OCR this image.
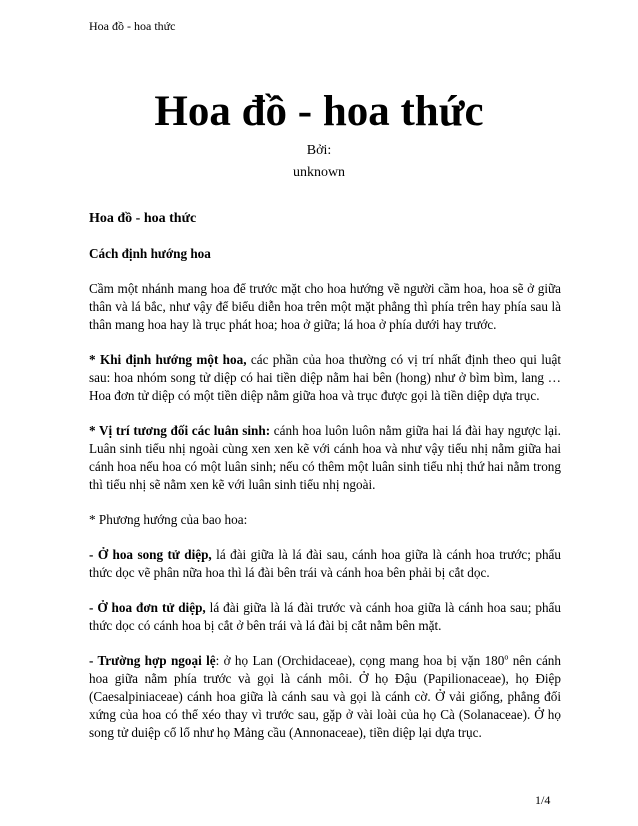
Hoa đồ - hoa thức
Hoa đồ - hoa thức
Bởi:
unknown

Hoa đồ - hoa thức

Cách định hướng hoa

Cầm một nhánh mang hoa để trước mặt cho hoa hướng về người cầm hoa, hoa sẽ ở giữa thân và lá bắc, như vậy để biểu diễn hoa trên một mặt phẳng thì phía trên hay phía sau là thân mang hoa hay là trục phát hoa; hoa ở giữa; lá hoa ở phía dưới hay trước.

* Khi định hướng một hoa, các phần của hoa thường có vị trí nhất định theo qui luật sau: hoa nhóm song tử diệp có hai tiền diệp nằm hai bên (hong) như ở bìm bìm, lang … Hoa đơn tử diệp có một tiền diệp nằm giữa hoa và trục được gọi là tiền diệp dựa trục.

* Vị trí tương đối các luân sinh: cánh hoa luôn luôn nằm giữa hai lá đài hay ngược lại. Luân sinh tiểu nhị ngoài cùng xen xen kẽ với cánh hoa và như vậy tiểu nhị nằm giữa hai cánh hoa nếu hoa có một luân sinh; nếu có thêm một luân sinh tiểu nhị thứ hai nằm trong thì tiểu nhị sẽ nằm xen kẽ với luân sinh tiểu nhị ngoài.

* Phương hướng của bao hoa:

- Ở hoa song tử diệp, lá đài giữa là lá đài sau, cánh hoa giữa là cánh hoa trước; phẩu thức dọc vẽ phân nữa hoa thì lá đài bên trái và cánh hoa bên phải bị cắt dọc.

- Ở hoa đơn tử diệp, lá đài giữa là lá đài trước và cánh hoa giữa là cánh hoa sau; phẩu thức dọc có cánh hoa bị cắt ở bên trái và lá đài bị cắt nằm bên mặt.

- Trường hợp ngoại lệ: ở họ Lan (Orchidaceae), cọng mang hoa bị vặn 180$^o$ nên cánh hoa giữa nằm phía trước và gọi là cánh môi. Ở họ Đậu (Papilionaceae), họ Điệp (Caesalpiniaceae) cánh hoa giữa là cánh sau và gọi là cánh cờ. Ở vải giống, phẳng đối xứng của hoa có thể xéo thay vì trước sau, gặp ở vài loài của họ Cà (Solanaceae). Ở họ song tử duiệp cổ lổ như họ Mảng cầu (Annonaceae), tiền diệp lại dựa trục.

1/4
